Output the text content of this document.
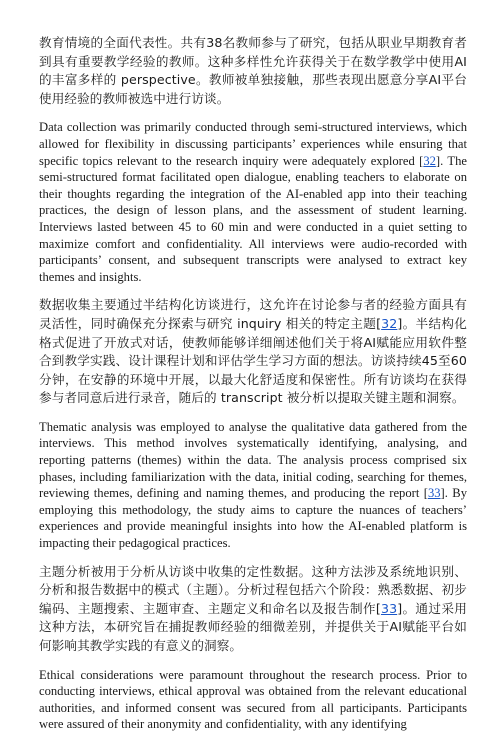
教育情境的全面代表性。共有38名教师参与了研究，包括从职业早期教育者到具有重要教学经验的教师。这种多样性允许获得关于在数学教学中使用AI的丰富多样的 perspective。教师被单独接触，那些表现出愿意分享AI平台使用经验的教师被选中进行访谈。

Data collection was primarily conducted through semi-structured interviews, which allowed for flexibility in discussing participants’ experiences while ensuring that specific topics relevant to the research inquiry were adequately explored [32]. The semi-structured format facilitated open dialogue, enabling teachers to elaborate on their thoughts regarding the integration of the AI-enabled app into their teaching practices, the design of lesson plans, and the assessment of student learning. Interviews lasted between 45 to 60 min and were conducted in a quiet setting to maximize comfort and confidentiality. All interviews were audio-recorded with participants’ consent, and subsequent transcripts were analysed to extract key themes and insights.

数据收集主要通过半结构化访谈进行，这允许在讨论参与者的经验方面具有灵活性，同时确保充分探索与研究 inquiry 相关的特定主题[32]。半结构化格式促进了开放式对话，使教师能够详细阐述他们关于将AI赋能应用软件整合到教学实践、设计课程计划和评估学生学习方面的想法。访谈持续45至60分钟，在安静的环境中开展，以最大化舒适度和保密性。所有访谈均在获得参与者同意后进行录音，随后的 transcript 被分析以提取关键主题和洞察。

Thematic analysis was employed to analyse the qualitative data gathered from the interviews. This method involves systematically identifying, analysing, and reporting patterns (themes) within the data. The analysis process comprised six phases, including familiarization with the data, initial coding, searching for themes, reviewing themes, defining and naming themes, and producing the report [33]. By employing this methodology, the study aims to capture the nuances of teachers’ experiences and provide meaningful insights into how the AI-enabled platform is impacting their pedagogical practices.

主题分析被用于分析从访谈中收集的定性数据。这种方法涉及系统地识别、分析和报告数据中的模式（主题）。分析过程包括六个阶段：熟悉数据、初步编码、主题搜索、主题审查、主题定义和命名以及报告制作[33]。通过采用这种方法，本研究旨在捕捉教师经验的细微差别，并提供关于AI赋能平台如何影响其教学实践的有意义的洞察。

Ethical considerations were paramount throughout the research process. Prior to conducting interviews, ethical approval was obtained from the relevant educational authorities, and informed consent was secured from all participants. Participants were assured of their anonymity and confidentiality, with any identifying
